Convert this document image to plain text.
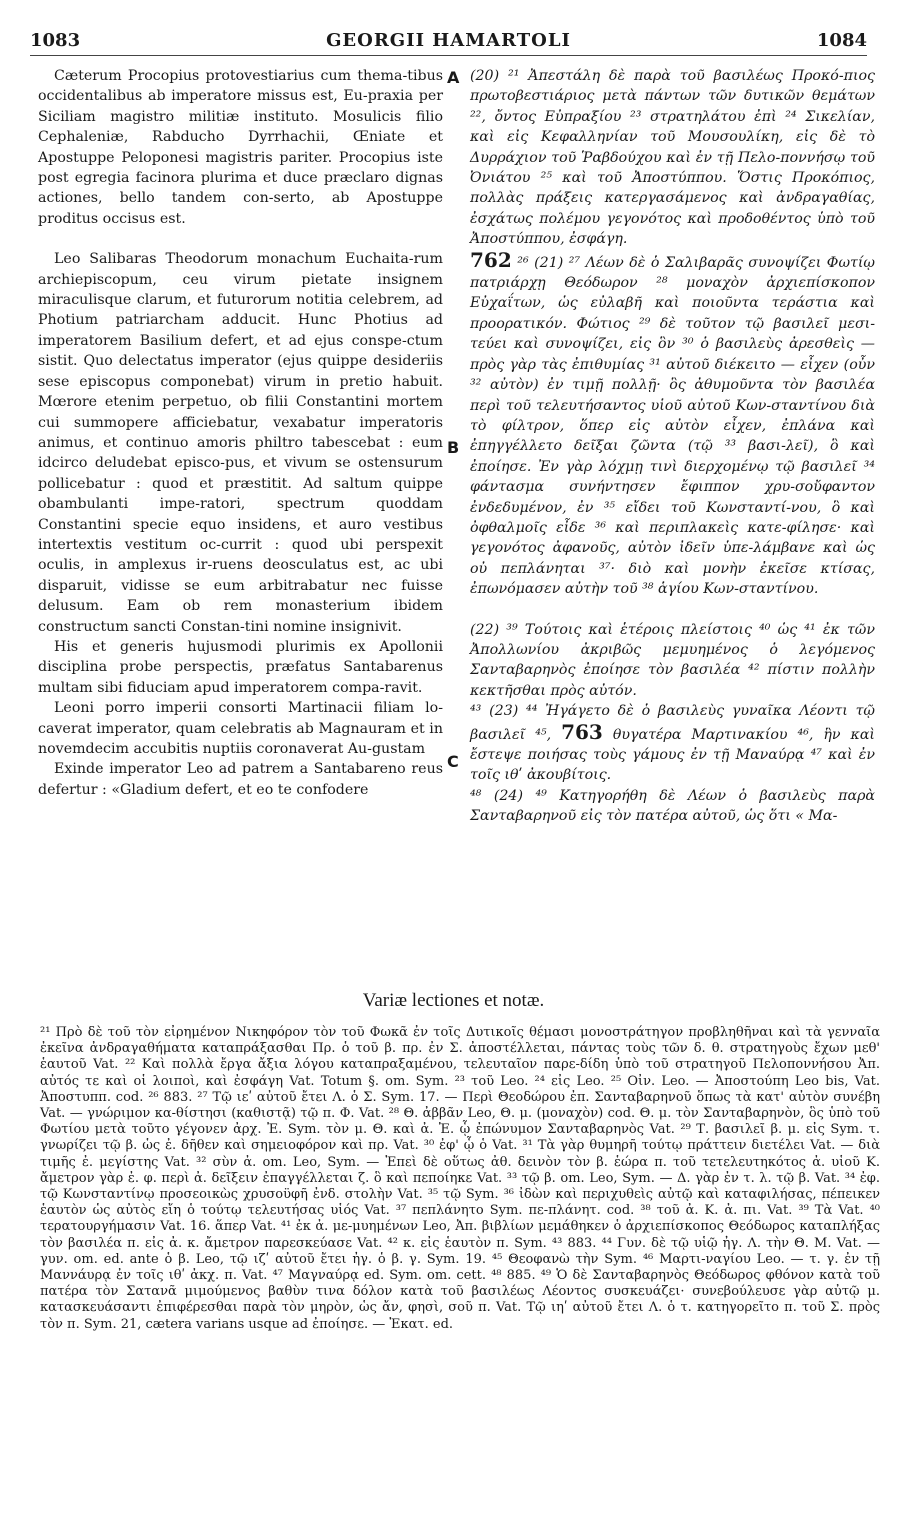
1083	GEORGII HAMARTOLI	1084

Cæterum Procopius protovestiarius cum thema-tibus occidentalibus ab imperatore missus est, Eu-praxia per Siciliam magistro militiæ instituto. Mosulicis filio Cephaleniæ, Rabducho Dyrrhachii, Œniate et Apostuppe Peloponesi magistris pariter. Procopius iste post egregia facinora plurima et duce præclaro dignas actiones, bello tandem con-serto, ab Apostuppe proditus occisus est.

Leo Salibaras Theodorum monachum Euchaita-rum archiepiscopum, ceu virum pietate insignem miraculisque clarum, et futurorum notitia celebrem, ad Photium patriarcham adducit. Hunc Photius ad imperatorem Basilium defert, et ad ejus conspe-ctum sistit. Quo delectatus imperator (ejus quippe desideriis sese episcopus componebat) virum in pretio habuit. Mœrore etenim perpetuo, ob filii Constantini mortem cui summopere afficiebatur, vexabatur imperatoris animus, et continuo amoris philtro tabescebat : eum idcirco deludebat episco-pus, et vivum se ostensurum pollicebatur : quod et præstitit. Ad saltum quippe obambulanti impe-ratori, spectrum quoddam Constantini specie equo insidens, et auro vestibus intertextis vestitum oc-currit : quod ubi perspexit oculis, in amplexus ir-ruens deosculatus est, ac ubi disparuit, vidisse se eum arbitrabatur nec fuisse delusum. Eam ob rem monasterium ibidem constructum sancti Constan-tini nomine insignivit.

His et generis hujusmodi plurimis ex Apollonii disciplina probe perspectis, præfatus Santabarenus multam sibi fiduciam apud imperatorem compa-ravit.

Leoni porro imperii consorti Martinacii filiam lo-caverat imperator, quam celebratis ab Magnauram et in novemdecim accubitis nuptiis coronaverat Au-gustam

Exinde imperator Leo ad patrem a Santabareno reus defertur : «Gladium defert, et eo te confodere

A
B
C

(20) ²¹ Ἀπεστάλη δὲ παρὰ τοῦ βασιλέως Προκό-πιος πρωτοβεστιάριος μετὰ πάντων τῶν δυτικῶν θεμάτων ²², ὄντος Εὐπραξίου ²³ στρατηλάτου ἐπὶ ²⁴ Σικελίαν, καὶ εἰς Κεφαλληνίαν τοῦ Μουσουλίκη, εἰς δὲ τὸ Δυρράχιον τοῦ Ῥαβδούχου καὶ ἐν τῇ Πελο-ποννήσῳ τοῦ Ὀνιάτου ²⁵ καὶ τοῦ Ἀποστύππου. Ὅστις Προκόπιος, πολλὰς πράξεις κατεργασάμενος καὶ ἀνδραγαθίας, ἐσχάτως πολέμου γεγονότος καὶ προδοθέντος ὑπὸ τοῦ Ἀποστύππου, ἐσφάγη.

762 ²⁶ (21) ²⁷ Λέων δὲ ὁ Σαλιβαρᾶς συνοψίζει Φωτίῳ πατριάρχῃ Θεόδωρον ²⁸ μοναχὸν ἀρχιεπίσκοπον Εὐχαΐτων, ὡς εὐλαβῆ καὶ ποιοῦντα τεράστια καὶ προορατικόν. Φώτιος ²⁹ δὲ τοῦτον τῷ βασιλεῖ μεσι-τεύει καὶ συνοψίζει, εἰς ὃν ³⁰ ὁ βασιλεὺς ἀρεσθεὶς — πρὸς γὰρ τὰς ἐπιθυμίας ³¹ αὐτοῦ διέκειτο — εἶχεν (οὖν ³² αὐτὸν) ἐν τιμῇ πολλῇ· ὃς ἀθυμοῦντα τὸν βασιλέα περὶ τοῦ τελευτήσαντος υἱοῦ αὐτοῦ Κων-σταντίνου διὰ τὸ φίλτρον, ὅπερ εἰς αὐτὸν εἶχεν, ἐπλάνα καὶ ἐπηγγέλλετο δεῖξαι ζῶντα (τῷ ³³ βασι-λεῖ), ὃ καὶ ἐποίησε. Ἐν γὰρ λόχμῃ τινὶ διερχομένῳ τῷ βασιλεῖ ³⁴ φάντασμα συνήντησεν ἔφιππον χρυ-σοὔφαντον ἐνδεδυμένον, ἐν ³⁵ εἴδει τοῦ Κωνσταντί-νου, ὃ καὶ ὀφθαλμοῖς εἶδε ³⁶ καὶ περιπλακεὶς κατε-φίλησε· καὶ γεγονότος ἀφανοῦς, αὐτὸν ἰδεῖν ὑπε-λάμβανε καὶ ὡς οὐ πεπλάνηται ³⁷· διὸ καὶ μονὴν ἐκεῖσε κτίσας, ἐπωνόμασεν αὐτὴν τοῦ ³⁸ ἁγίου Κων-σταντίνου.

(22) ³⁹ Τούτοις καὶ ἑτέροις πλείστοις ⁴⁰ ὡς ⁴¹ ἐκ τῶν Ἀπολλωνίου ἀκριβῶς μεμυημένος ὁ λεγόμενος Σανταβαρηνὸς ἐποίησε τὸν βασιλέα ⁴² πίστιν πολλὴν κεκτῆσθαι πρὸς αὐτόν.

⁴³ (23) ⁴⁴ Ἠγάγετο δὲ ὁ βασιλεὺς γυναῖκα Λέοντι τῷ βασιλεῖ ⁴⁵, 763 θυγατέρα Μαρτινακίου ⁴⁶, ἣν καὶ ἔστεψε ποιήσας τοὺς γάμους ἐν τῇ Μαναύρᾳ ⁴⁷ καὶ ἐν τοῖς ιθʹ ἀκουβίτοις.

⁴⁸ (24) ⁴⁹ Κατηγορήθη δὲ Λέων ὁ βασιλεὺς παρὰ Σανταβαρηνοῦ εἰς τὸν πατέρα αὐτοῦ, ὡς ὅτι « Μα-

Variæ lectiones et notæ.

²¹ Πρὸ δὲ τοῦ τὸν εἰρημένον Νικηφόρον τὸν τοῦ Φωκᾶ ἐν τοῖς Δυτικοῖς θέμασι μονοστράτηγον προβληθῆναι καὶ τὰ γενναῖα ἐκεῖνα ἀνδραγαθήματα καταπράξασθαι Πρ. ὁ τοῦ β. πρ. ἐν Σ. ἀποστέλλεται, πάντας τοὺς τῶν δ. θ. στρατηγοὺς ἔχων μεθ' ἑαυτοῦ Vat. ²² Καὶ πολλὰ ἔργα ἄξια λόγου καταπραξαμένου, τελευταῖον παρε-δίδη ὑπὸ τοῦ στρατηγοῦ Πελοποννήσου Ἀπ. αὐτός τε καὶ οἱ λοιποὶ, καὶ ἐσφάγη Vat. Totum §. om. Sym. ²³ τοῦ Leo. ²⁴ εἰς Leo. ²⁵ Οἰν. Leo. — Ἀποστούπη Leo bis, Vat. Ἀποστυππ. cod. ²⁶ 883. ²⁷ Τῷ ιεʹ αὐτοῦ ἔτει Λ. ὁ Σ. Sym. 17. — Περὶ Θεοδώρου ἐπ. Σανταβαρηνοῦ ὅπως τὰ κατ' αὐτὸν συνέβη Vat. — γνώριμον κα-θίστησι (καθιστᾷ) τῷ π. Φ. Vat. ²⁸ Θ. ἀββᾶν Leo, Θ. μ. (μοναχὸν) cod. Θ. μ. τὸν Σανταβαρηνὸν, ὃς ὑπὸ τοῦ Φωτίου μετὰ τοῦτο γέγονεν ἀρχ. Ἐ. Sym. τὸν μ. Θ. καὶ ἀ. Ἐ. ᾧ ἐπώνυμον Σανταβαρηνὸς Vat. ²⁹ Τ. βασιλεῖ β. μ. εἰς Sym. τ. γνωρίζει τῷ β. ὡς ἐ. δῆθεν καὶ σημειοφόρον καὶ πρ. Vat. ³⁰ ἐφ' ᾧ ὁ Vat. ³¹ Τὰ γὰρ θυμηρῆ τούτῳ πράττειν διετέλει Vat. — διὰ τιμῆς ἐ. μεγίστης Vat. ³² σὺν ἀ. om. Leo, Sym. — Ἐπεὶ δὲ οὕτως ἀθ. δεινὸν τὸν β. ἑώρα π. τοῦ τετελευτηκότος ἀ. υἱοῦ Κ. ἄμετρον γὰρ ἐ. φ. περὶ ἀ. δεῖξειν ἐπαγγέλλεται ζ. ὃ καὶ πεποίηκε Vat. ³³ τῷ β. om. Leo, Sym. — Δ. γὰρ ἐν τ. λ. τῷ β. Vat. ³⁴ ἐφ. τῷ Κωνσταντίνῳ προσεοικὼς χρυσοϋφῆ ἐνδ. στολὴν Vat. ³⁵ τῷ Sym. ³⁶ ἰδὼν καὶ περιχυθεὶς αὐτῷ καὶ καταφιλήσας, πέπεικεν ἑαυτὸν ὡς αὐτὸς εἴη ὁ τούτῳ τελευτήσας υἱός Vat. ³⁷ πεπλάνητο Sym. πε-πλάνητ. cod. ³⁸ τοῦ ἀ. Κ. ἀ. πι. Vat. ³⁹ Τὰ Vat. ⁴⁰ τερατουργήμασιν Vat. 16. ἅπερ Vat. ⁴¹ ἐκ ἀ. με-μυημένων Leo, Ἀπ. βιβλίων μεμάθηκεν ὁ ἀρχιεπίσκοπος Θεόδωρος καταπλήξας τὸν βασιλέα π. εἰς ἀ. κ. ἄμετρον παρεσκεύασε Vat. ⁴² κ. εἰς ἑαυτὸν π. Sym. ⁴³ 883. ⁴⁴ Γυν. δὲ τῷ υἱῷ ἠγ. Λ. τὴν Θ. Μ. Vat. — γυν. om. ed. ante ὁ β. Leo, τῷ ιζʹ αὐτοῦ ἔτει ἠγ. ὁ β. γ. Sym. 19. ⁴⁵ Θεοφανὼ τὴν Sym. ⁴⁶ Μαρτι-ναγίου Leo. — τ. γ. ἐν τῇ Μαννάυρᾳ ἐν τοῖς ιθʹ ἀκχ. π. Vat. ⁴⁷ Μαγναύρᾳ ed. Sym. om. cett. ⁴⁸ 885. ⁴⁹ Ὁ δὲ Σανταβαρηνὸς Θεόδωρος φθόνον κατὰ τοῦ πατέρα τὸν Σατανᾶ μιμούμενος βαθὺν τινα δόλον κατὰ τοῦ βασιλέως Λέοντος συσκευάζει· συνεβούλευσε γὰρ αὐτῷ μ. κατασκευάσαντι ἐπιφέρεσθαι παρὰ τὸν μηρὸν, ὡς ἄν, φησὶ, σοῦ π. Vat. Τῷ ιηʹ αὐτοῦ ἔτει Λ. ὁ τ. κατηγορεῖτο π. τοῦ Σ. πρὸς τὸν π. Sym. 21, cætera varians usque ad ἐποίησε. — Ἐκατ. ed.
